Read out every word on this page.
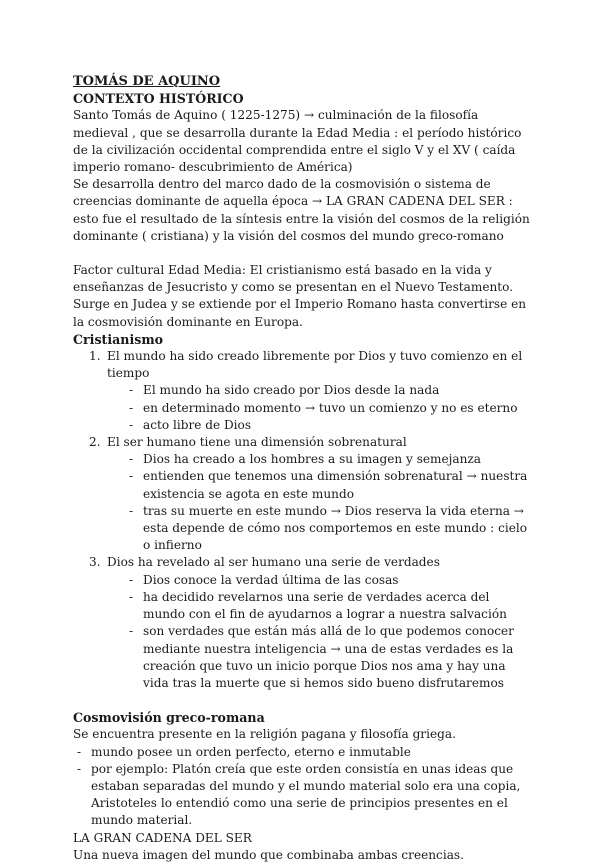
TOMÁS DE AQUINO

CONTEXTO HISTÓRICO

Santo Tomás de Aquino ( 1225-1275) → culminación de la filosofía medieval , que se desarrolla durante la Edad Media : el período histórico de la civilización occidental comprendida entre el siglo V y el XV ( caída imperio romano- descubrimiento de América)

Se desarrolla dentro del marco dado de la cosmovisión o sistema de creencias dominante de aquella época → LA GRAN CADENA DEL SER : esto fue el resultado de la síntesis entre la visión del cosmos de la religión dominante ( cristiana) y la visión del cosmos del mundo greco-romano

Factor cultural Edad Media: El cristianismo está basado en la vida y enseñanzas de Jesucristo y como se presentan en el Nuevo Testamento. Surge en Judea y se extiende por el Imperio Romano hasta convertirse en la cosmovisión dominante en Europa.

Cristianismo

1. El mundo ha sido creado libremente por Dios y tuvo comienzo en el tiempo
- El mundo ha sido creado por Dios desde la nada
- en determinado momento → tuvo un comienzo y no es eterno
- acto libre de Dios
2. El ser humano tiene una dimensión sobrenatural
- Dios ha creado a los hombres a su imagen y semejanza
- entienden que tenemos una dimensión sobrenatural → nuestra existencia se agota en este mundo
- tras su muerte en este mundo → Dios reserva la vida eterna → esta depende de cómo nos comportemos en este mundo : cielo o infierno
3. Dios ha revelado al ser humano una serie de verdades
- Dios conoce la verdad última de las cosas
- ha decidido revelarnos una serie de verdades acerca del mundo con el fin de ayudarnos a lograr a nuestra salvación
- son verdades que están más allá de lo que podemos conocer mediante nuestra inteligencia → una de estas verdades es la creación que tuvo un inicio porque Dios nos ama y hay una vida tras la muerte que si hemos sido bueno disfrutaremos

Cosmovisión greco-romana

Se encuentra presente en la religión pagana y filosofía griega.

- mundo posee un orden perfecto, eterno e inmutable
- por ejemplo: Platón creía que este orden consistía en unas ideas que estaban separadas del mundo y el mundo material solo era una copia, Aristoteles lo entendió como una serie de principios presentes en el mundo material.

LA GRAN CADENA DEL SER

Una nueva imagen del mundo que combinaba ambas creencias.
